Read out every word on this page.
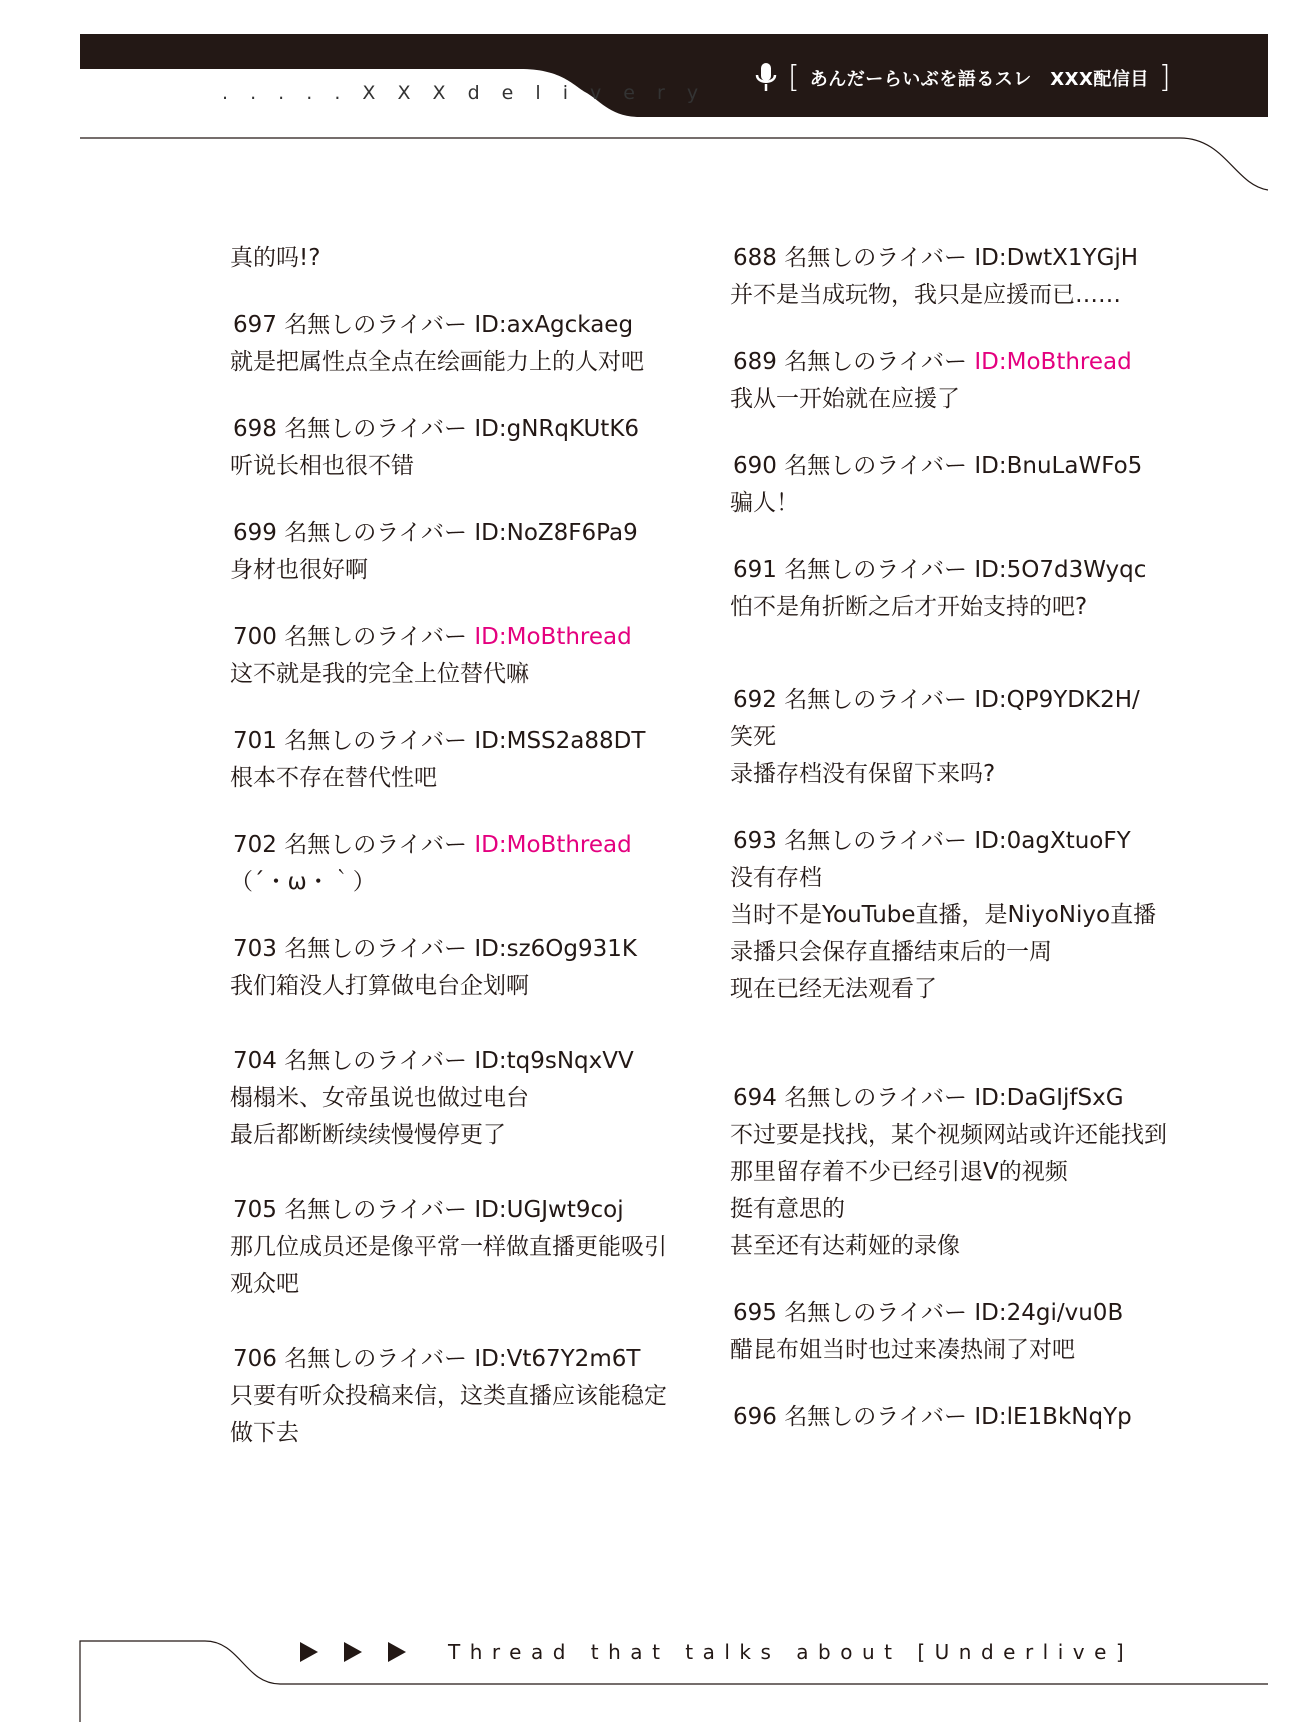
. . . . . X X X d e l i v e r y	[ あんだーらいぶを語るスレ　XXX配信目 ]
真的吗!?
697 名無しのライバー ID:axAgckaeg
就是把属性点全点在绘画能力上的人对吧
698 名無しのライバー ID:gNRqKUtK6
听说长相也很不错
699 名無しのライバー ID:NoZ8F6Pa9
身材也很好啊
700 名無しのライバー ID:MoBthread
这不就是我的完全上位替代嘛
701 名無しのライバー ID:MSS2a88DT
根本不存在替代性吧
702 名無しのライバー ID:MoBthread
（´・ω・｀）
703 名無しのライバー ID:sz6Og931K
我们箱没人打算做电台企划啊
704 名無しのライバー ID:tq9sNqxVV
榻榻米、女帝虽说也做过电台
最后都断断续续慢慢停更了
705 名無しのライバー ID:UGJwt9coj
那几位成员还是像平常一样做直播更能吸引
观众吧
706 名無しのライバー ID:Vt67Y2m6T
只要有听众投稿来信，这类直播应该能稳定
做下去
688 名無しのライバー ID:DwtX1YGjH
并不是当成玩物，我只是应援而已……
689 名無しのライバー ID:MoBthread
我从一开始就在应援了
690 名無しのライバー ID:BnuLaWFo5
骗人！
691 名無しのライバー ID:5O7d3Wyqc
怕不是角折断之后才开始支持的吧?
692 名無しのライバー ID:QP9YDK2H/
笑死
录播存档没有保留下来吗?
693 名無しのライバー ID:0agXtuoFY
没有存档
当时不是YouTube直播，是NiyoNiyo直播
录播只会保存直播结束后的一周
现在已经无法观看了
694 名無しのライバー ID:DaGIjfSxG
不过要是找找，某个视频网站或许还能找到
那里留存着不少已经引退V的视频
挺有意思的
甚至还有达莉娅的录像
695 名無しのライバー ID:24gi/vu0B
醋昆布姐当时也过来凑热闹了对吧
696 名無しのライバー ID:lE1BkNqYp
Thread that talks about [Underlive]
